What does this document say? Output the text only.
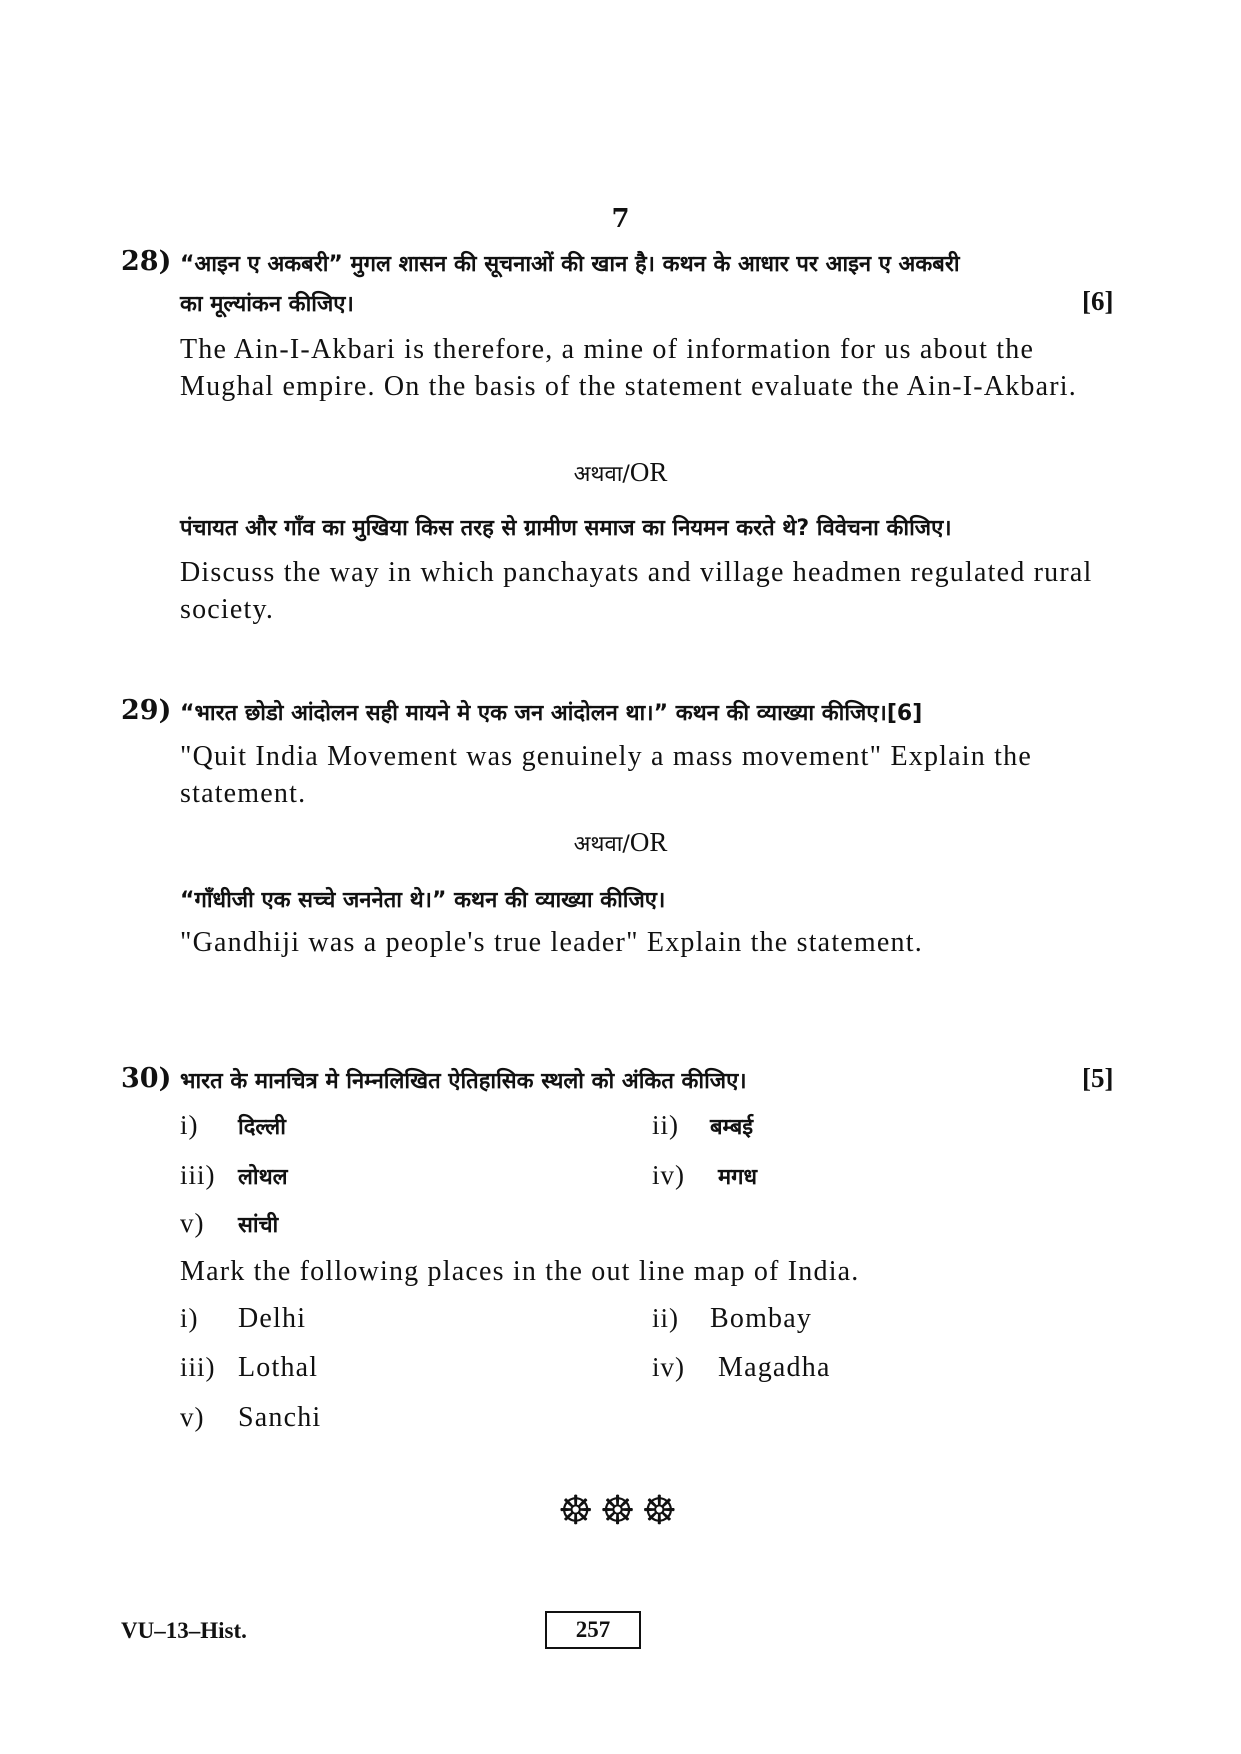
7
28) “आइन ए अकबरी” मुगल शासन की सूचनाओं की खान है। कथन के आधार पर आइन ए अकबरी
का मूल्यांकन कीजिए।	[6]
The Ain-I-Akbari is therefore, a mine of information for us about the Mughal empire. On the basis of the statement evaluate the Ain-I-Akbari.
अथवा/OR
पंचायत और गाँव का मुखिया किस तरह से ग्रामीण समाज का नियमन करते थे? विवेचना कीजिए।
Discuss the way in which panchayats and village headmen regulated rural society.
29) “भारत छोडो आंदोलन सही मायने मे एक जन आंदोलन था।” कथन की व्याख्या कीजिए।[6]
"Quit India Movement was genuinely a mass movement" Explain the statement.
अथवा/OR
“गाँधीजी एक सच्चे जननेता थे।” कथन की व्याख्या कीजिए।
"Gandhiji was a people's true leader" Explain the statement.
30) भारत के मानचित्र मे निम्नलिखित ऐतिहासिक स्थलो को अंकित कीजिए।	[5]
i)	दिल्ली	ii)	बम्बई
iii)	लोथल	iv)	मगध
v)	सांची
Mark the following places in the out line map of India.
i)	Delhi	ii)	Bombay
iii) Lothal	iv)	Magadha
v)	Sanchi
☸☸☸
VU–13–Hist.	257
